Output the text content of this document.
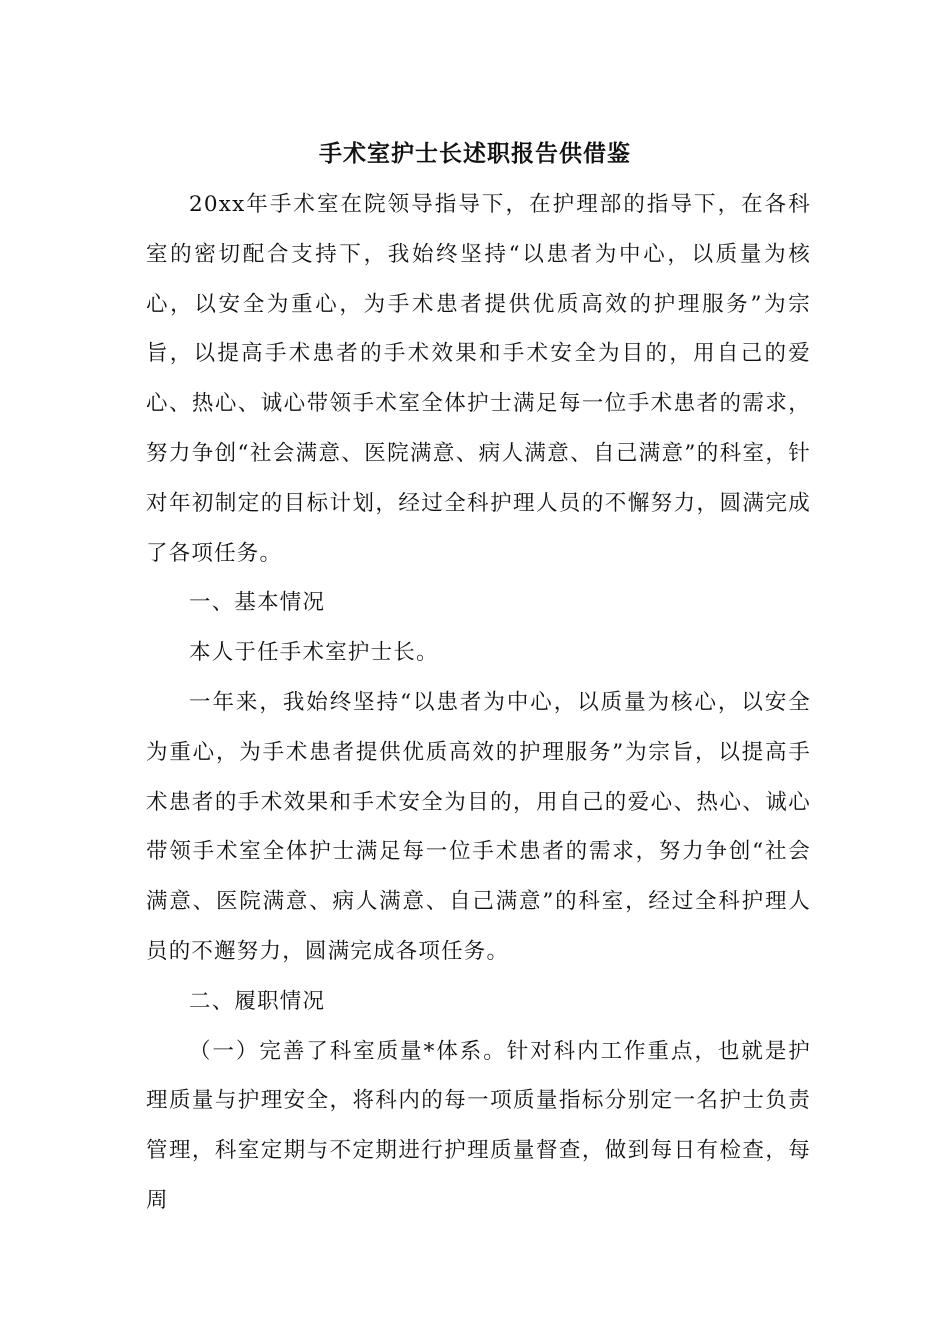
手术室护士长述职报告供借鉴

20xx年手术室在院领导指导下，在护理部的指导下，在各科室的密切配合支持下，我始终坚持“以患者为中心，以质量为核心，以安全为重心，为手术患者提供优质高效的护理服务”为宗旨，以提高手术患者的手术效果和手术安全为目的，用自己的爱心、热心、诚心带领手术室全体护士满足每一位手术患者的需求，努力争创“社会满意、医院满意、病人满意、自己满意”的科室，针对年初制定的目标计划，经过全科护理人员的不懈努力，圆满完成了各项任务。

一、基本情况

本人于任手术室护士长。

一年来，我始终坚持“以患者为中心，以质量为核心，以安全为重心，为手术患者提供优质高效的护理服务”为宗旨，以提高手术患者的手术效果和手术安全为目的，用自己的爱心、热心、诚心带领手术室全体护士满足每一位手术患者的需求，努力争创“社会满意、医院满意、病人满意、自己满意”的科室，经过全科护理人员的不邂努力，圆满完成各项任务。

二、履职情况

（一）完善了科室质量*体系。针对科内工作重点，也就是护理质量与护理安全，将科内的每一项质量指标分别定一名护士负责管理，科室定期与不定期进行护理质量督查，做到每日有检查，每周
